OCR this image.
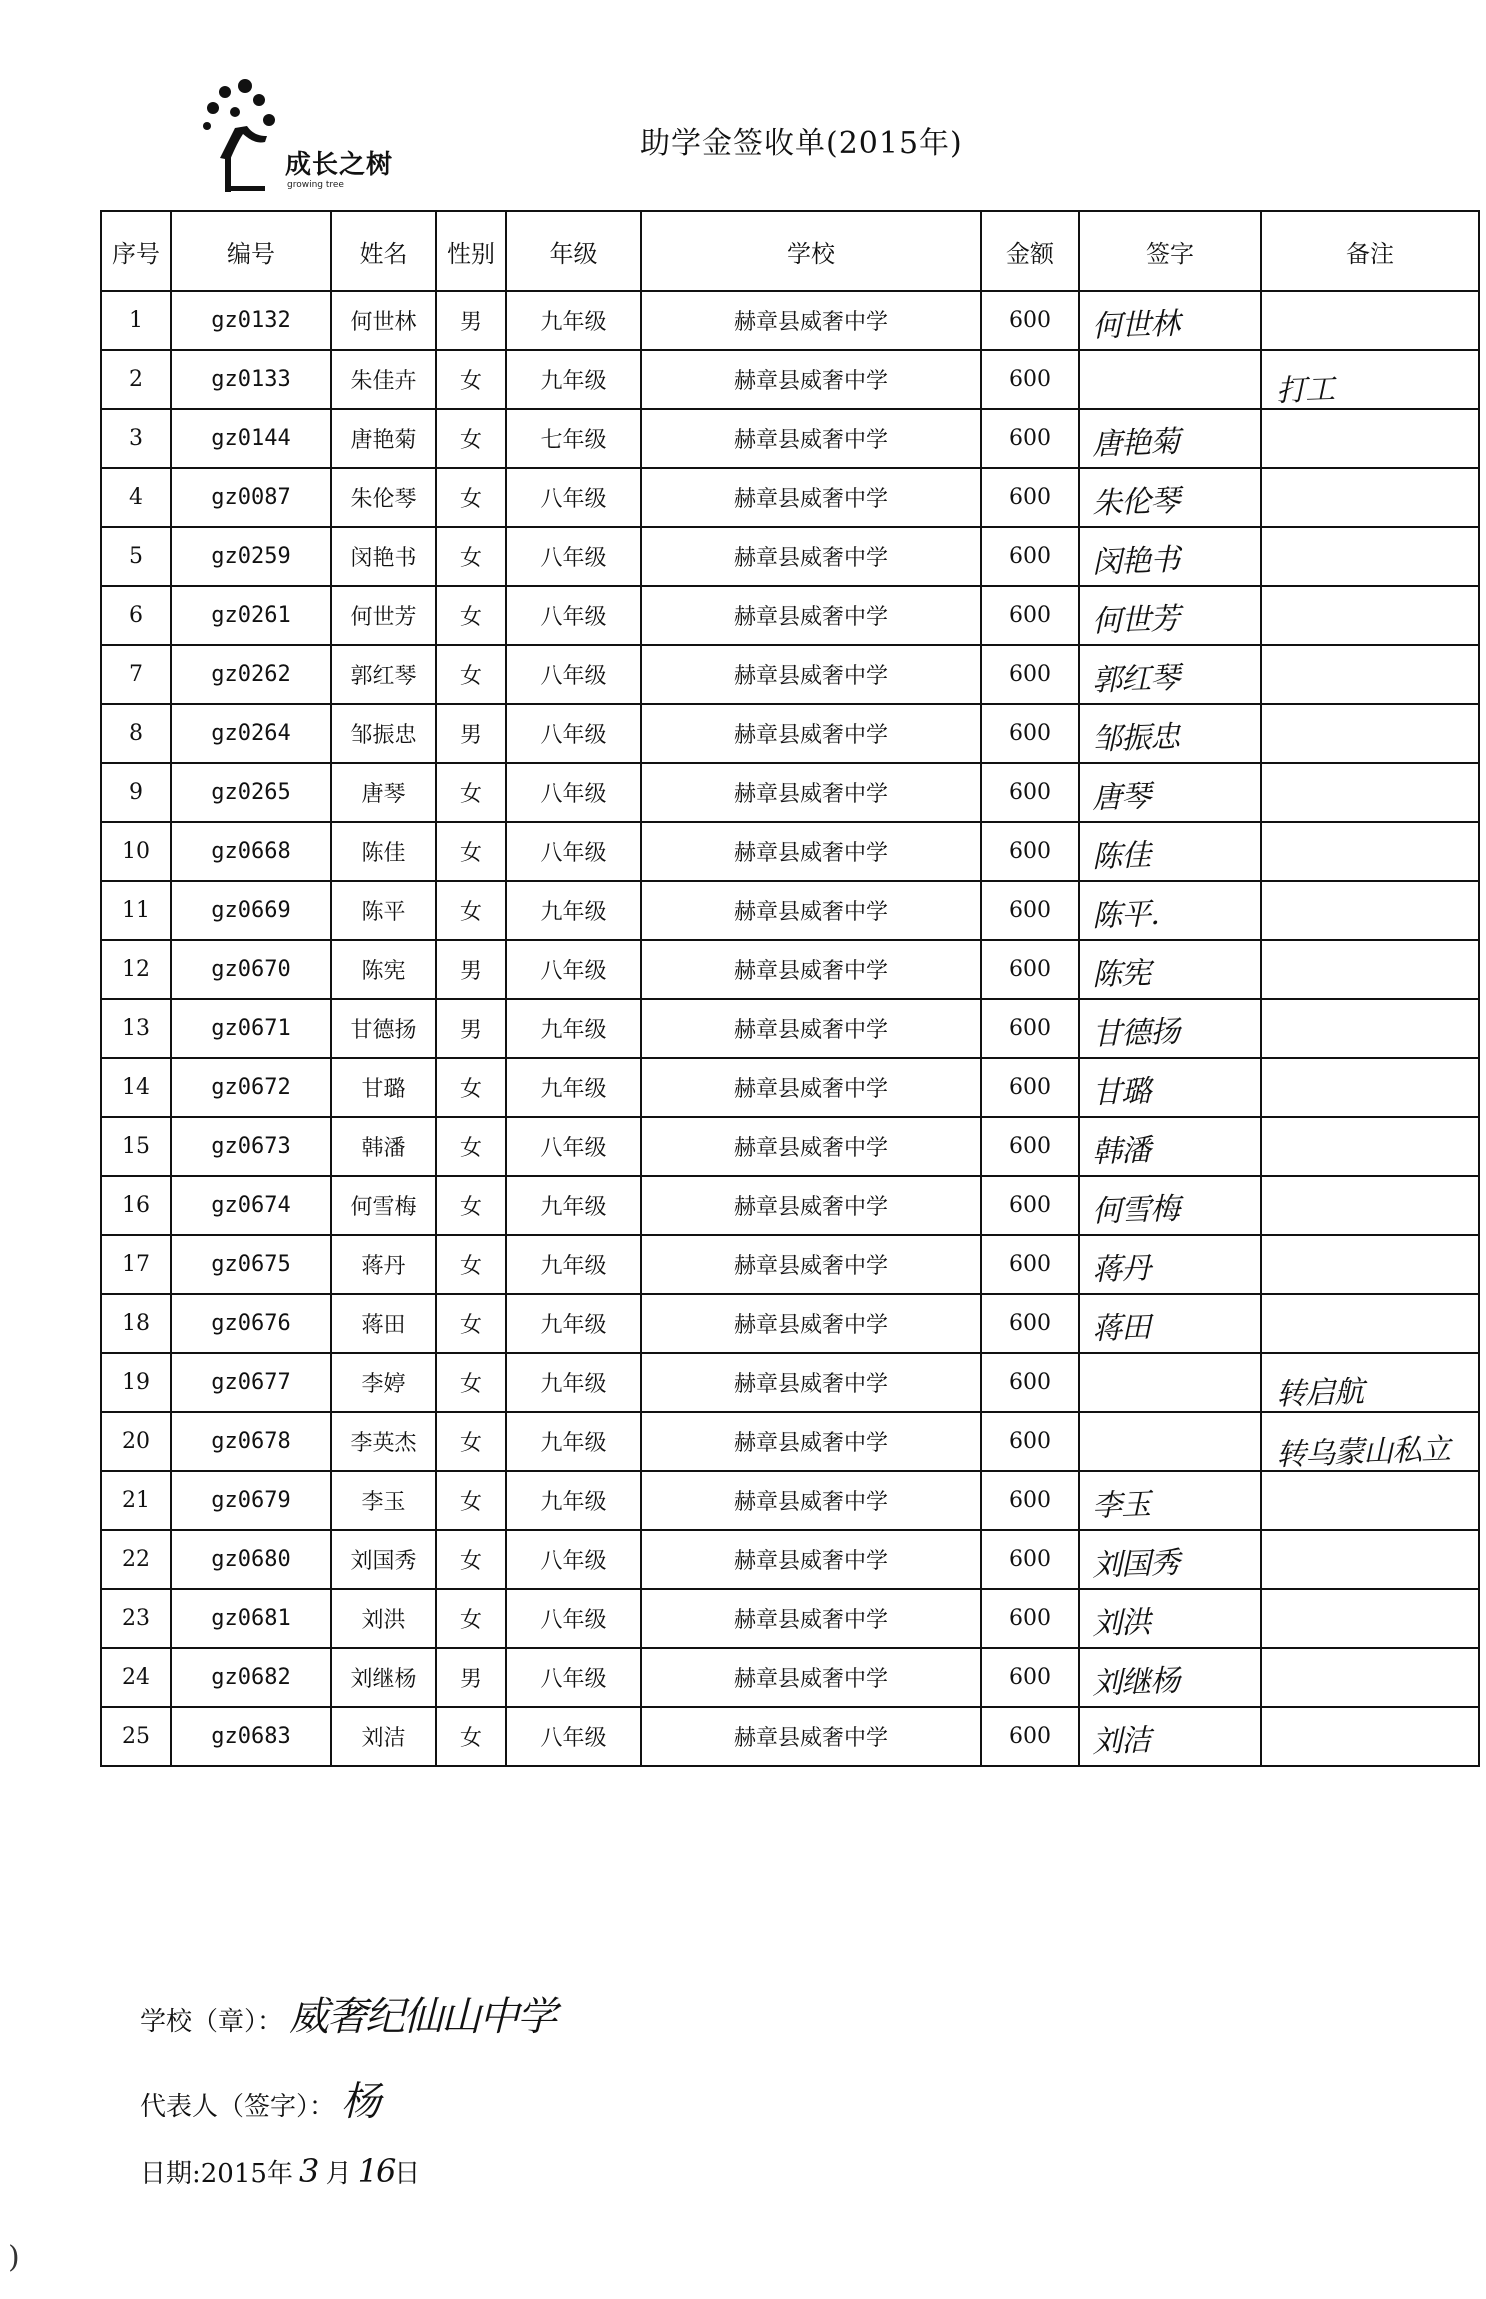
成长之树
growing tree
助学金签收单(2015年)
序号	编号	姓名	性别	年级	学校	金额	签字	备注
1	gz0132	何世林	男	九年级	赫章县威奢中学	600	何世林	

2	gz0133	朱佳卉	女	九年级	赫章县威奢中学	600		打工

3	gz0144	唐艳菊	女	七年级	赫章县威奢中学	600	唐艳菊	

4	gz0087	朱伦琴	女	八年级	赫章县威奢中学	600	朱伦琴	

5	gz0259	闵艳书	女	八年级	赫章县威奢中学	600	闵艳书	

6	gz0261	何世芳	女	八年级	赫章县威奢中学	600	何世芳	

7	gz0262	郭红琴	女	八年级	赫章县威奢中学	600	郭红琴	

8	gz0264	邹振忠	男	八年级	赫章县威奢中学	600	邹振忠	

9	gz0265	唐琴	女	八年级	赫章县威奢中学	600	唐琴	

10	gz0668	陈佳	女	八年级	赫章县威奢中学	600	陈佳	

11	gz0669	陈平	女	九年级	赫章县威奢中学	600	陈平.	

12	gz0670	陈宪	男	八年级	赫章县威奢中学	600	陈宪	

13	gz0671	甘德扬	男	九年级	赫章县威奢中学	600	甘德扬	

14	gz0672	甘璐	女	九年级	赫章县威奢中学	600	甘璐	

15	gz0673	韩潘	女	八年级	赫章县威奢中学	600	韩潘	

16	gz0674	何雪梅	女	九年级	赫章县威奢中学	600	何雪梅	

17	gz0675	蒋丹	女	九年级	赫章县威奢中学	600	蒋丹	

18	gz0676	蒋田	女	九年级	赫章县威奢中学	600	蒋田	

19	gz0677	李婷	女	九年级	赫章县威奢中学	600		转启航

20	gz0678	李英杰	女	九年级	赫章县威奢中学	600		转乌蒙山私立

21	gz0679	李玉	女	九年级	赫章县威奢中学	600	李玉	

22	gz0680	刘国秀	女	八年级	赫章县威奢中学	600	刘国秀	

23	gz0681	刘洪	女	八年级	赫章县威奢中学	600	刘洪	

24	gz0682	刘继杨	男	八年级	赫章县威奢中学	600	刘继杨	

25	gz0683	刘洁	女	八年级	赫章县威奢中学	600	刘洁	

学校（章）： 威奢纪仙山中学
代表人（签字）： 杨
日期:2015年 3 月 16日
)
